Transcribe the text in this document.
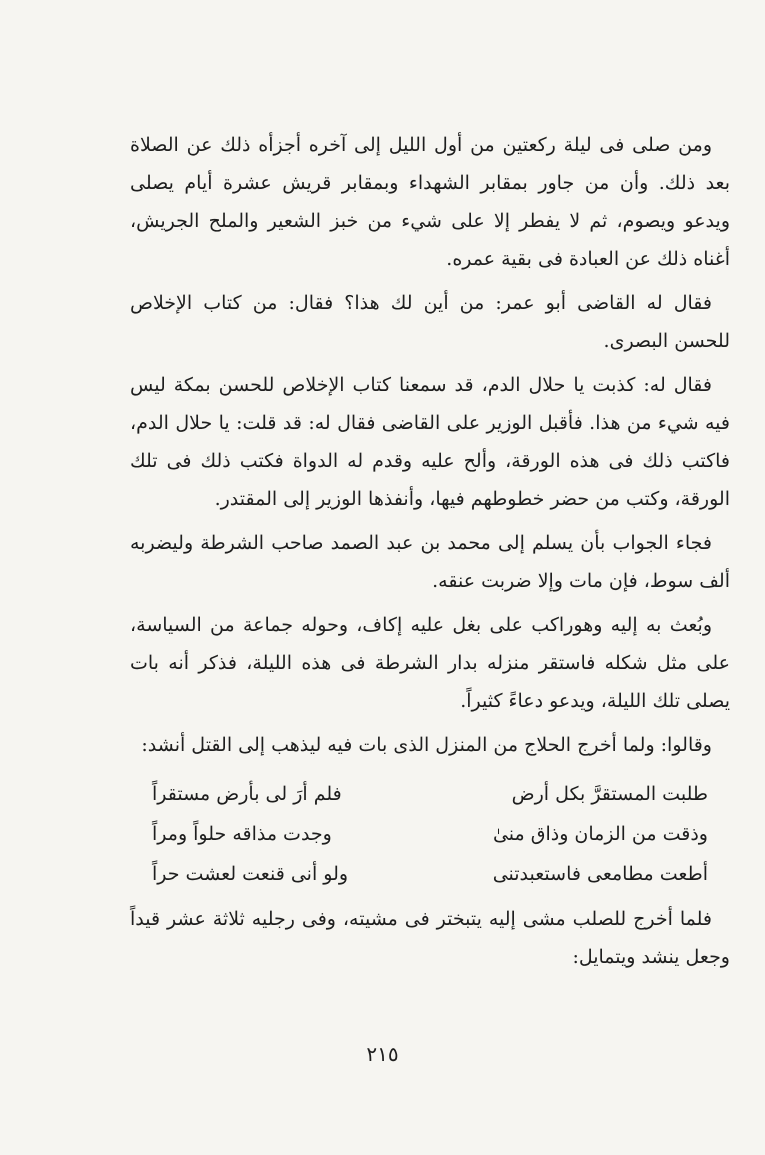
ومن صلى فى ليلة ركعتين من أول الليل إلى آخره أجزأه ذلك عن الصلاة بعد ذلك. وأن من جاور بمقابر الشهداء وبمقابر قريش عشرة أيام يصلى ويدعو ويصوم، ثم لا يفطر إلا على شيء من خبز الشعير والملح الجريش، أغناه ذلك عن العبادة فى بقية عمره.

فقال له القاضى أبو عمر: من أين لك هذا؟ فقال: من كتاب الإخلاص للحسن البصرى.

فقال له: كذبت يا حلال الدم، قد سمعنا كتاب الإخلاص للحسن بمكة ليس فيه شيء من هذا. فأقبل الوزير على القاضى فقال له: قد قلت: يا حلال الدم، فاكتب ذلك فى هذه الورقة، وألح عليه وقدم له الدواة فكتب ذلك فى تلك الورقة، وكتب من حضر خطوطهم فيها، وأنفذها الوزير إلى المقتدر.

فجاء الجواب بأن يسلم إلى محمد بن عبد الصمد صاحب الشرطة وليضربه ألف سوط، فإن مات وإلا ضربت عنقه.

وبُعث به إليه وهوراكب على بغل عليه إكاف، وحوله جماعة من السياسة، على مثل شكله فاستقر منزله بدار الشرطة فى هذه الليلة، فذكر أنه بات يصلى تلك الليلة، ويدعو دعاءً كثيراً.

وقالوا: ولما أخرج الحلاج من المنزل الذى بات فيه ليذهب إلى القتل أنشد:

طلبت المستقرَّ بكل أرض
فلم أرَ لى بأرض مستقراً
وذقت من الزمان وذاق منىٰ
وجدت مذاقه حلواً ومراً
أطعت مطامعى فاستعبدتنى
ولو أنى قنعت لعشت حراً

فلما أخرج للصلب مشى إليه يتبختر فى مشيته، وفى رجليه ثلاثة عشر قيداً وجعل ينشد ويتمايل:

٢١٥
